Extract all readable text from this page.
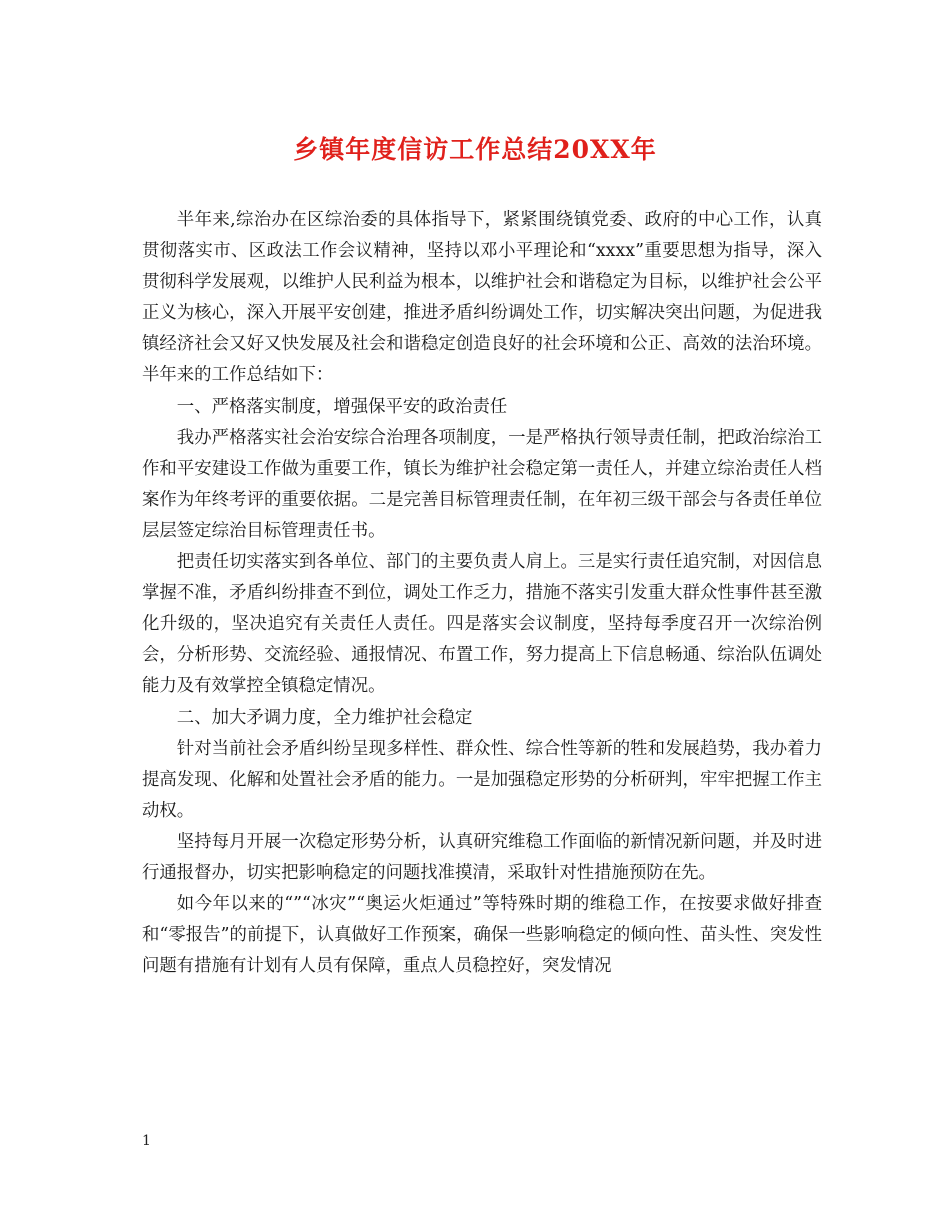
乡镇年度信访工作总结20XX年

半年来,综治办在区综治委的具体指导下，紧紧围绕镇党委、政府的中心工作，认真贯彻落实市、区政法工作会议精神，坚持以邓小平理论和“xxxx”重要思想为指导，深入贯彻科学发展观，以维护人民利益为根本，以维护社会和谐稳定为目标，以维护社会公平正义为核心，深入开展平安创建，推进矛盾纠纷调处工作，切实解决突出问题，为促进我镇经济社会又好又快发展及社会和谐稳定创造良好的社会环境和公正、高效的法治环境。半年来的工作总结如下：

一、严格落实制度，增强保平安的政治责任

我办严格落实社会治安综合治理各项制度，一是严格执行领导责任制，把政治综治工作和平安建设工作做为重要工作，镇长为维护社会稳定第一责任人，并建立综治责任人档案作为年终考评的重要依据。二是完善目标管理责任制，在年初三级干部会与各责任单位层层签定综治目标管理责任书。

把责任切实落实到各单位、部门的主要负责人肩上。三是实行责任追究制，对因信息掌握不准，矛盾纠纷排查不到位，调处工作乏力，措施不落实引发重大群众性事件甚至激化升级的，坚决追究有关责任人责任。四是落实会议制度，坚持每季度召开一次综治例会，分析形势、交流经验、通报情况、布置工作，努力提高上下信息畅通、综治队伍调处能力及有效掌控全镇稳定情况。

二、加大矛调力度，全力维护社会稳定

针对当前社会矛盾纠纷呈现多样性、群众性、综合性等新的牲和发展趋势，我办着力提高发现、化解和处置社会矛盾的能力。一是加强稳定形势的分析研判，牢牢把握工作主动权。

坚持每月开展一次稳定形势分析，认真研究维稳工作面临的新情况新问题，并及时进行通报督办，切实把影响稳定的问题找准摸清，采取针对性措施预防在先。

如今年以来的“”“冰灾”“奥运火炬通过”等特殊时期的维稳工作，在按要求做好排查和“零报告”的前提下，认真做好工作预案，确保一些影响稳定的倾向性、苗头性、突发性问题有措施有计划有人员有保障，重点人员稳控好，突发情况

1
